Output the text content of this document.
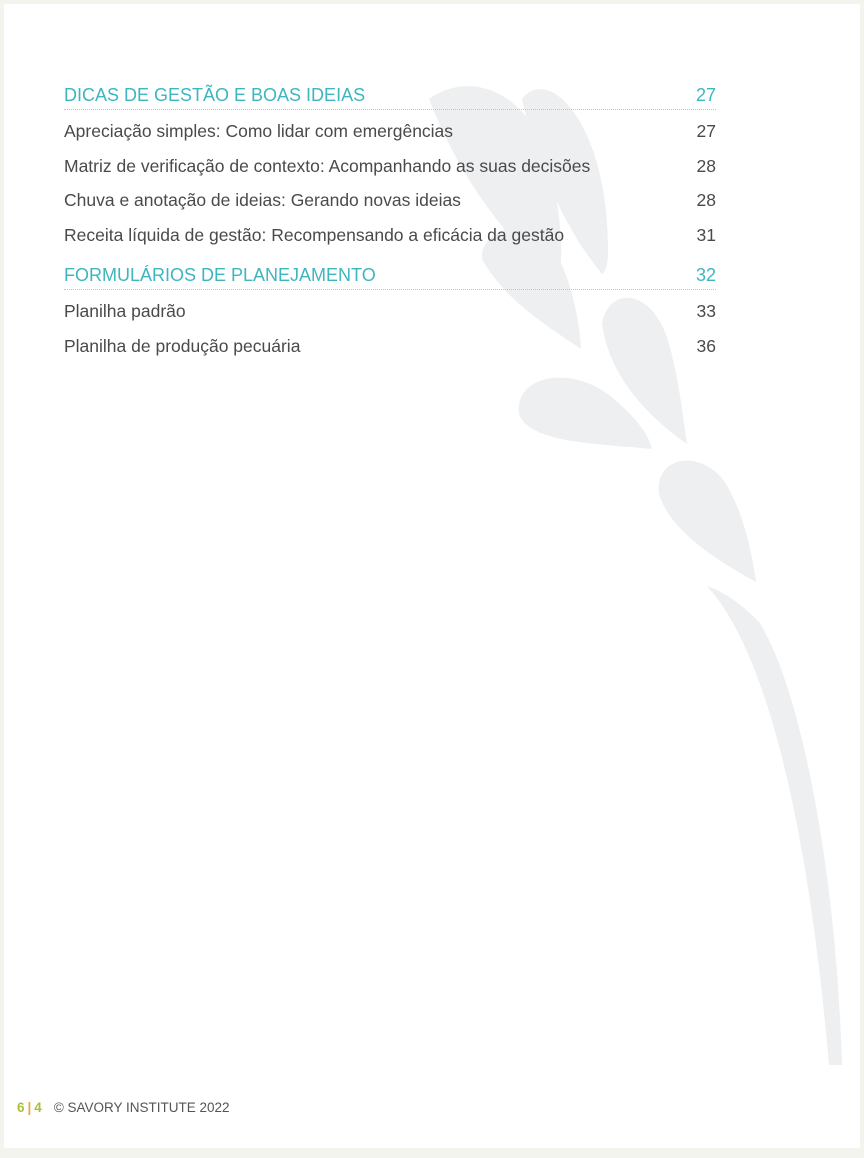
DICAS DE GESTÃO E BOAS IDEIAS	27
Apreciação simples: Como lidar com emergências	27
Matriz de verificação de contexto: Acompanhando as suas decisões	28
Chuva e anotação de ideias: Gerando novas ideias	28
Receita líquida de gestão: Recompensando a eficácia da gestão	31
FORMULÁRIOS DE PLANEJAMENTO	32
Planilha padrão	33
Planilha de produção pecuária	36
6 | 4 © SAVORY INSTITUTE 2022
